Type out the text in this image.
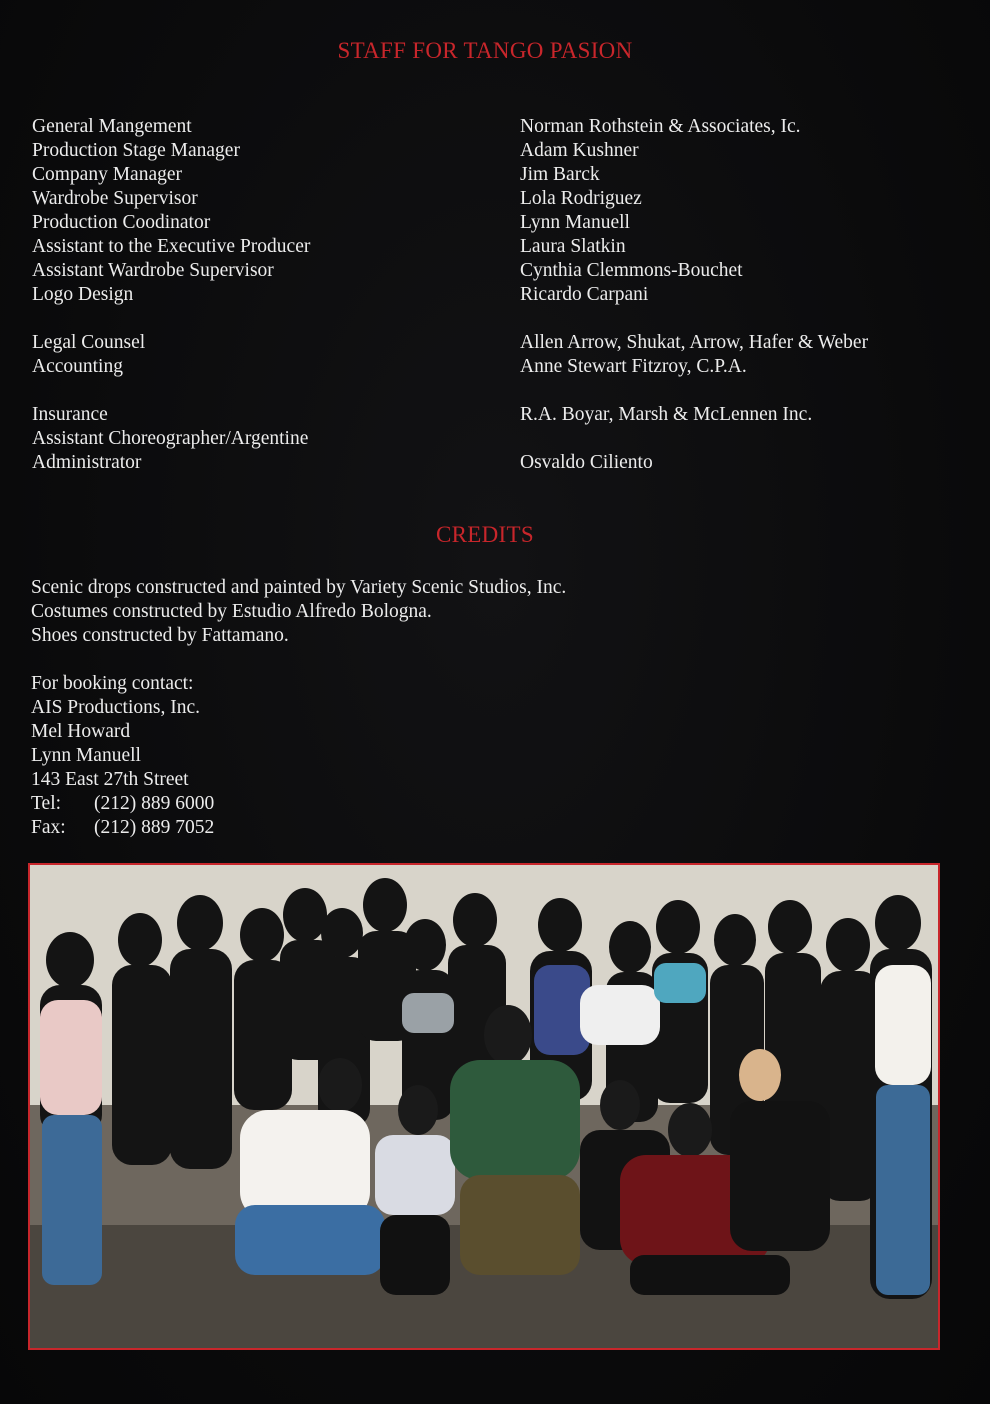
STAFF FOR TANGO PASION
General Mangement	Norman Rothstein & Associates, Ic.
Production Stage Manager	Adam Kushner
Company Manager	Jim Barck
Wardrobe Supervisor	Lola Rodriguez
Production Coodinator	Lynn Manuell
Assistant to the Executive Producer	Laura Slatkin
Assistant Wardrobe Supervisor	Cynthia Clemmons-Bouchet
Logo Design	Ricardo Carpani
Legal Counsel	Allen Arrow, Shukat, Arrow, Hafer & Weber
Accounting	Anne Stewart Fitzroy, C.P.A.
Insurance	R.A. Boyar, Marsh & McLennen Inc.
Assistant Choreographer/Argentine
Administrator	Osvaldo Ciliento
CREDITS
Scenic drops constructed and painted by Variety Scenic Studios, Inc.
Costumes constructed by Estudio Alfredo Bologna.
Shoes constructed by Fattamano.
For booking contact:
AIS Productions, Inc.
Mel Howard
Lynn Manuell
143 East 27th Street
Tel: (212) 889 6000
Fax: (212) 889 7052
